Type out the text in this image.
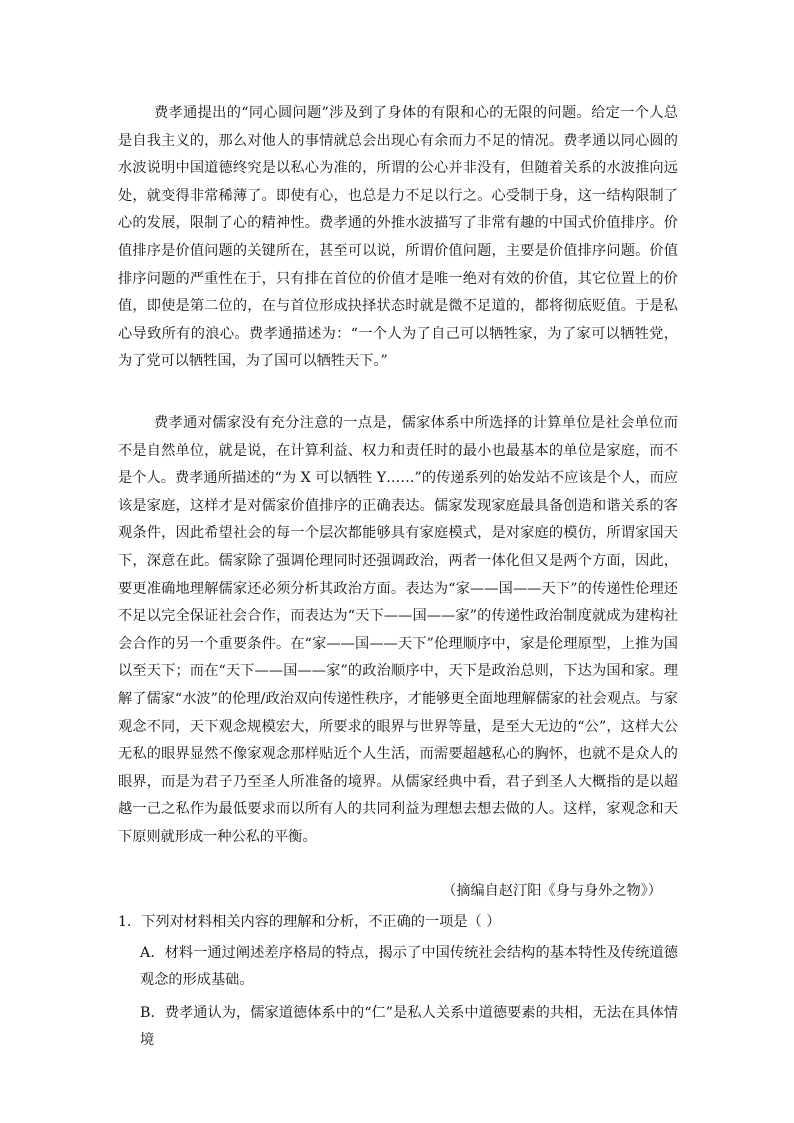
费孝通提出的“同心圆问题”涉及到了身体的有限和心的无限的问题。给定一个人总是自我主义的，那么对他人的事情就总会出现心有余而力不足的情况。费孝通以同心圆的水波说明中国道德终究是以私心为准的，所谓的公心并非没有，但随着关系的水波推向远处，就变得非常稀薄了。即使有心，也总是力不足以行之。心受制于身，这一结构限制了心的发展，限制了心的精神性。费孝通的外推水波描写了非常有趣的中国式价值排序。价值排序是价值问题的关键所在，甚至可以说，所谓价值问题，主要是价值排序问题。价值排序问题的严重性在于，只有排在首位的价值才是唯一绝对有效的价值，其它位置上的价值，即使是第二位的，在与首位形成抉择状态时就是微不足道的，都将彻底贬值。于是私心导致所有的浪心。费孝通描述为：“一个人为了自己可以牺牲家，为了家可以牺牲党，为了党可以牺牲国，为了国可以牺牲天下。”

费孝通对儒家没有充分注意的一点是，儒家体系中所选择的计算单位是社会单位而不是自然单位，就是说，在计算利益、权力和责任时的最小也最基本的单位是家庭，而不是个人。费孝通所描述的“为 X 可以牺牲 Y……”的传递系列的始发站不应该是个人，而应该是家庭，这样才是对儒家价值排序的正确表达。儒家发现家庭最具备创造和谐关系的客观条件，因此希望社会的每一个层次都能够具有家庭模式，是对家庭的模仿，所谓家国天下，深意在此。儒家除了强调伦理同时还强调政治，两者一体化但又是两个方面，因此，要更准确地理解儒家还必须分析其政治方面。表达为“家——国——天下”的传递性伦理还不足以完全保证社会合作，而表达为“天下——国——家”的传递性政治制度就成为建构社会合作的另一个重要条件。在“家——国——天下”伦理顺序中，家是伦理原型，上推为国以至天下；而在“天下——国——家”的政治顺序中，天下是政治总则，下达为国和家。理解了儒家“水波”的伦理/政治双向传递性秩序，才能够更全面地理解儒家的社会观点。与家观念不同，天下观念规模宏大，所要求的眼界与世界等量，是至大无边的“公”，这样大公无私的眼界显然不像家观念那样贴近个人生活，而需要超越私心的胸怀，也就不是众人的眼界，而是为君子乃至圣人所准备的境界。从儒家经典中看，君子到圣人大概指的是以超越一己之私作为最低要求而以所有人的共同利益为理想去想去做的人。这样，家观念和天下原则就形成一种公私的平衡。

（摘编自赵汀阳《身与身外之物》）

1．下列对材料相关内容的理解和分析，不正确的一项是（ ）

A．材料一通过阐述差序格局的特点，揭示了中国传统社会结构的基本特性及传统道德观念的形成基础。

B．费孝通认为，儒家道德体系中的“仁”是私人关系中道德要素的共相，无法在具体情境
